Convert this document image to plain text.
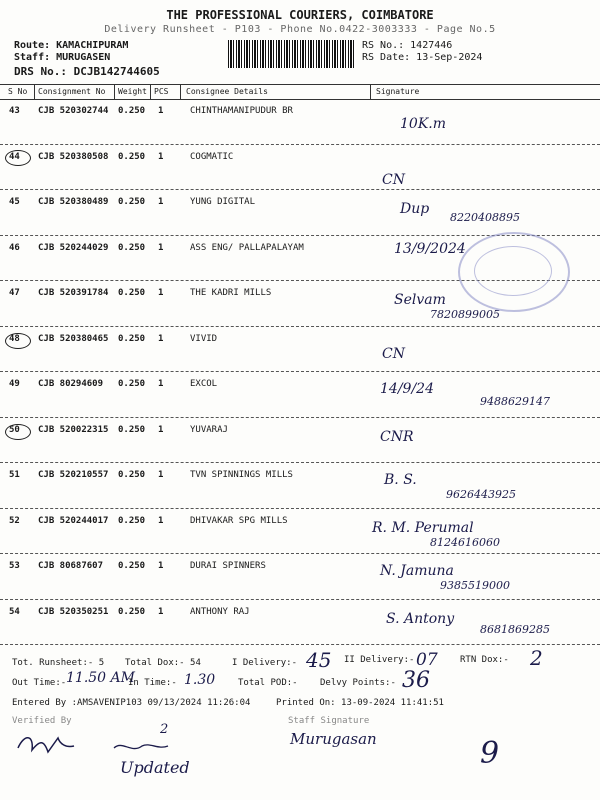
THE PROFESSIONAL COURIERS, COIMBATORE
Delivery Runsheet - P103 - Phone No.0422-3003333 - Page No.5
Route: KAMACHIPURAM
Staff: MURUGASEN
DRS No.: DCJB142744605
RS No.: 1427446
RS Date: 13-Sep-2024
S No Consignment No Weight PCS Consignee Details	Signature
43 CJB 520302744 0.250 1	CHINTHAMANIPUDUR BR
10K.m
44 CJB 520380508 0.250 1	COGMATIC
CN
45 CJB 520380489 0.250 1	YUNG DIGITAL	Dup
8220408895
46 CJB 520244029 0.250 1	ASS ENG/ PALLAPALAYAM	13/9/2024
47 CJB 520391784 0.250 1	THE KADRI MILLS	Selvam
7820899005
48 CJB 520380465 0.250 1	VIVID
CN
49 CJB 80294609 0.250 1	EXCOL	14/9/24
9488629147
50 CJB 520022315 0.250 1	YUVARAJ	CNR
51 CJB 520210557 0.250 1	TVN SPINNINGS MILLS	B. S.
9626443925
52 CJB 520244017 0.250 1	DHIVAKAR SPG MILLS	R. M. Perumal
8124616060
53 CJB 80687607 0.250 1	DURAI SPINNERS	N. Jamuna
9385519000
54 CJB 520350251 0.250 1	ANTHONY RAJ	S. Antony
8681869285
Tot. Runsheet:- 5 Total Dox:- 54	I Delivery:- 45 II Delivery:- 07 RTN Dox:- 2
Out Time:- 11.50 AM
In Time:- 1.30	Total POD:- Delvy Points:- 36
Entered By :AMSAVENIP103 09/13/2024 11:26:04	Printed On: 13-09-2024 11:41:51
Verified By	Staff Signature
Murugasan
Updated
2
9
